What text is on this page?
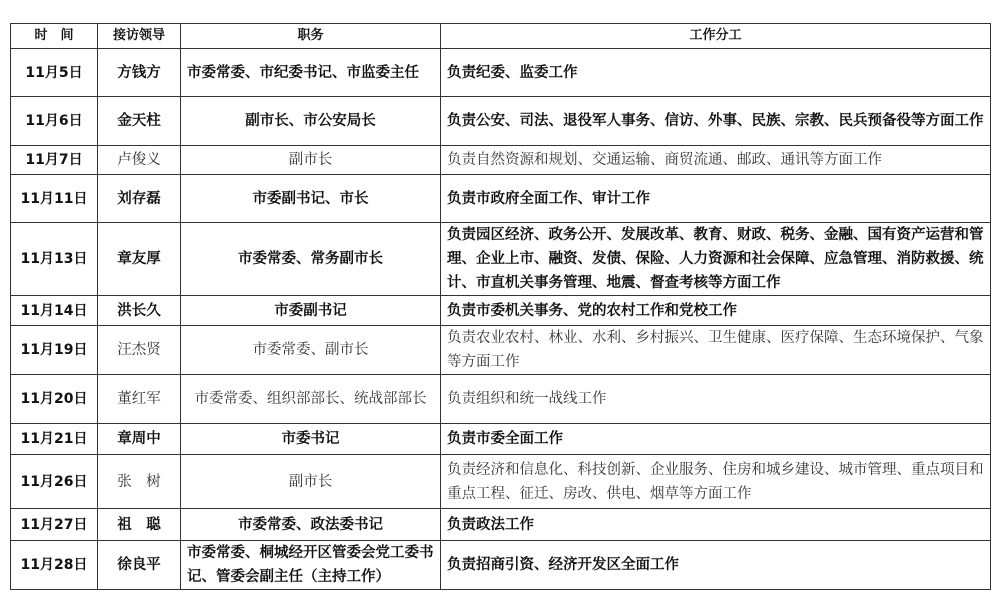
时　间	接访领导	职务	工作分工
11月5日	方钱方	市委常委、市纪委书记、市监委主任	负责纪委、监委工作
11月6日	金天柱	副市长、市公安局长	负责公安、司法、退役军人事务、信访、外事、民族、宗教、民兵预备役等方面工作
11月7日	卢俊义	副市长	负责自然资源和规划、交通运输、商贸流通、邮政、通讯等方面工作
11月11日	刘存磊	市委副书记、市长	负责市政府全面工作、审计工作
11月13日	章友厚	市委常委、常务副市长	负责园区经济、政务公开、发展改革、教育、财政、税务、金融、国有资产运营和管理、企业上市、融资、发债、保险、人力资源和社会保障、应急管理、消防救援、统计、市直机关事务管理、地震、督查考核等方面工作
11月14日	洪长久	市委副书记	负责市委机关事务、党的农村工作和党校工作
11月19日	汪杰贤	市委常委、副市长	负责农业农村、林业、水利、乡村振兴、卫生健康、医疗保障、生态环境保护、气象等方面工作
11月20日	董红军	市委常委、组织部部长、统战部部长	负责组织和统一战线工作
11月21日	章周中	市委书记	负责市委全面工作
11月26日	张　树	副市长	负责经济和信息化、科技创新、企业服务、住房和城乡建设、城市管理、重点项目和重点工程、征迁、房改、供电、烟草等方面工作
11月27日	祖　聪	市委常委、政法委书记	负责政法工作
11月28日	徐良平	市委常委、桐城经开区管委会党工委书记、管委会副主任（主持工作）	负责招商引资、经济开发区全面工作
